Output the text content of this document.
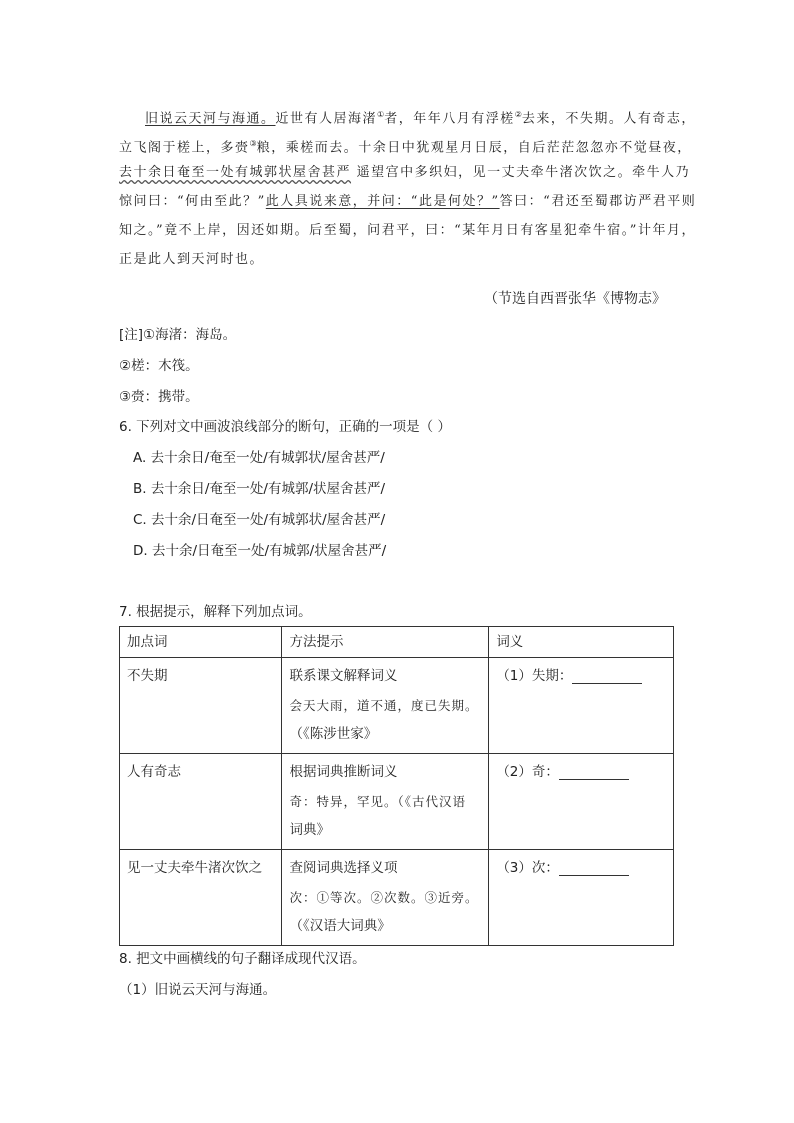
旧说云天河与海通。近世有人居海渚①者，年年八月有浮槎②去来，不失期。人有奇志，
立飞阁于槎上，多赍③粮，乘槎而去。十余日中犹观星月日辰，自后茫茫忽忽亦不觉昼夜，
去十余日奄至一处有城郭状屋舍甚严 遥望宫中多织妇，见一丈夫牵牛渚次饮之。牵牛人乃
惊问曰：“何由至此？”此人具说来意，并问：“此是何处？”答曰：“君还至蜀郡访严君平则
知之。”竟不上岸，因还如期。后至蜀，问君平，曰：“某年月日有客星犯牵牛宿。”计年月，
正是此人到天河时也。
（节选自西晋张华《博物志》
[注]①海渚：海岛。
②槎：木筏。
③赍：携带。
6. 下列对文中画波浪线部分的断句，正确的一项是（ ）
A. 去十余日/奄至一处/有城郭状/屋舍甚严/
B. 去十余日/奄至一处/有城郭/状屋舍甚严/
C. 去十余/日奄至一处/有城郭状/屋舍甚严/
D. 去十余/日奄至一处/有城郭/状屋舍甚严/
7. 根据提示，解释下列加点词。
加点词	方法提示	词义
不失期	联系课文解释词义
会天大雨，道不通，度已失期。
（《陈涉世家》	（1）失期：
人有奇志	根据词典推断词义
奇：特异，罕见。（《古代汉语
词典》	（2）奇：
见一丈夫牵牛渚次饮之	查阅词典选择义项
次：①等次。②次数。③近旁。
（《汉语大词典》	（3）次：
8. 把文中画横线的句子翻译成现代汉语。
（1）旧说云天河与海通。
